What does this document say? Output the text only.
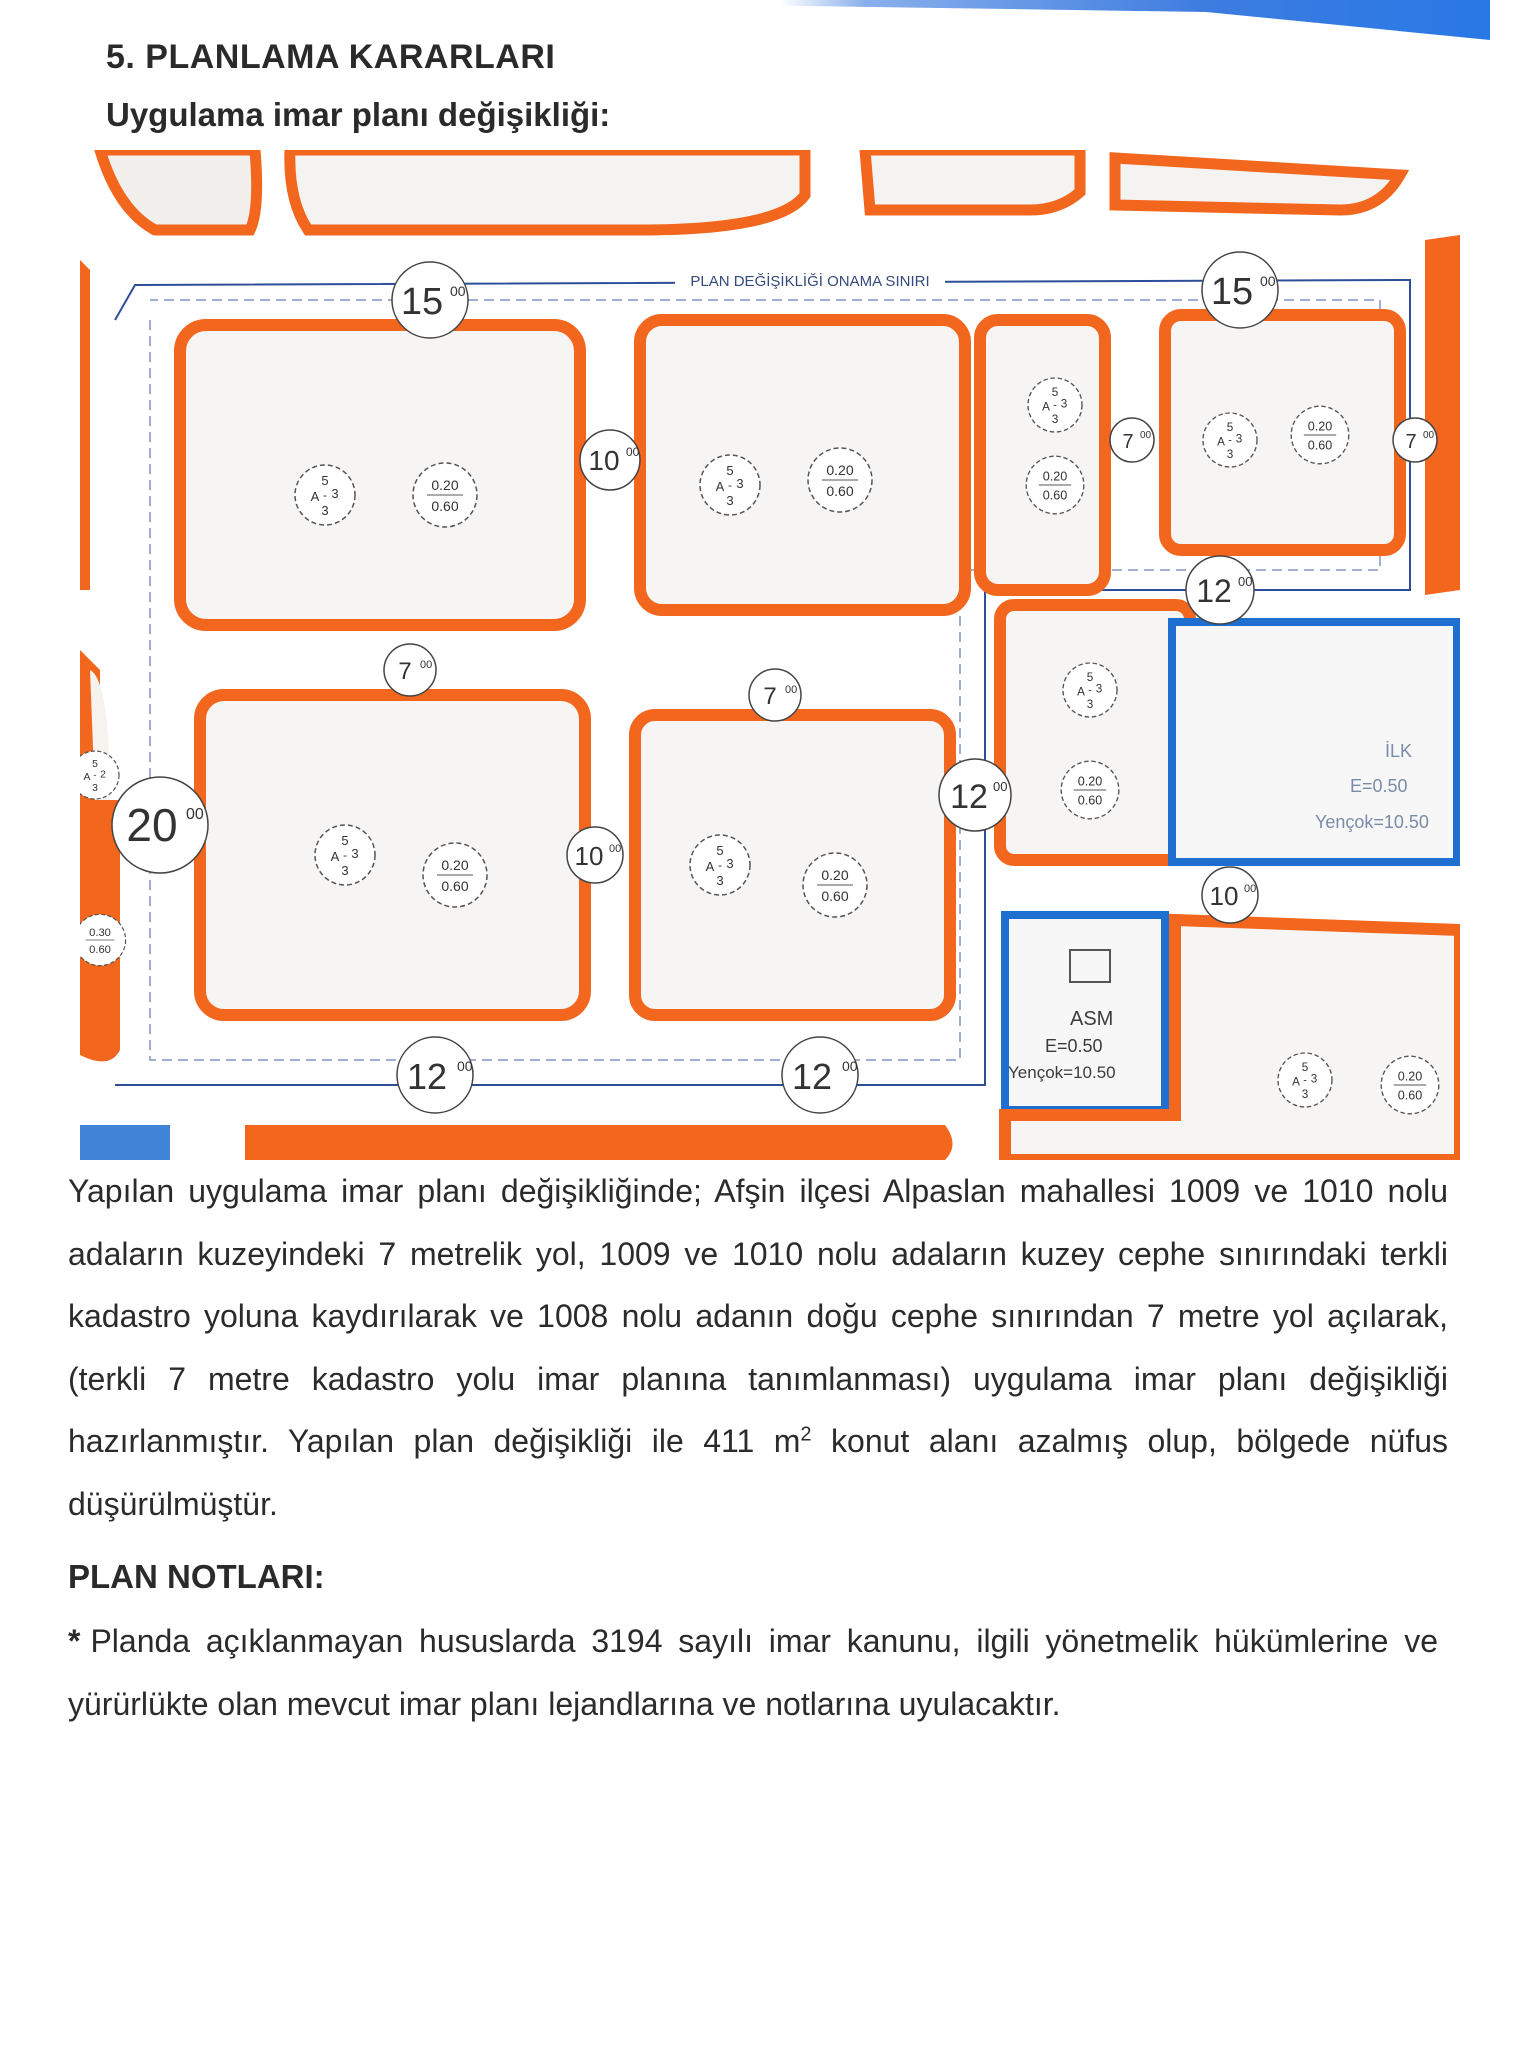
5. PLANLAMA KARARLARI
Uygulama imar planı değişikliği:
İLK
E=0.50
Yençok=10.50
ASM
E=0.50
Yençok=10.50
15 00	15 00
10 00
7 00
7 00
7 00	7 00
12 00
20 00
10 00
12 00
10 00
12 00	12 00
PLAN DEĞİŞİKLİĞİ ONAMA SINIRI
5
A - 3
3
0.20
0.60
5
A - 3
3
0.20
0.60
5
A - 3
3
0.20
0.60
5
A - 3
3
0.20
0.60
5
A - 3
3	0.20
0.60
5
A - 3
3	0.20
0.60
5
A - 3
3
0.20
0.60
5
A - 3
3
0.20
0.60
5
A - 2
3
0.30
0.60

Yapılan uygulama imar planı değişikliğinde; Afşin ilçesi Alpaslan mahallesi 1009 ve 1010 nolu adaların kuzeyindeki 7 metrelik yol, 1009 ve 1010 nolu adaların kuzey cephe sınırındaki terkli kadastro yoluna kaydırılarak ve 1008 nolu adanın doğu cephe sınırından 7 metre yol açılarak, (terkli 7 metre kadastro yolu imar planına tanımlanması) uygulama imar planı değişikliği hazırlanmıştır. Yapılan plan değişikliği ile 411 $m^2$ konut alanı azalmış olup, bölgede nüfus düşürülmüştür.

PLAN NOTLARI:

* Planda açıklanmayan hususlarda 3194 sayılı imar kanunu, ilgili yönetmelik hükümlerine ve yürürlükte olan mevcut imar planı lejandlarına ve notlarına uyulacaktır.
